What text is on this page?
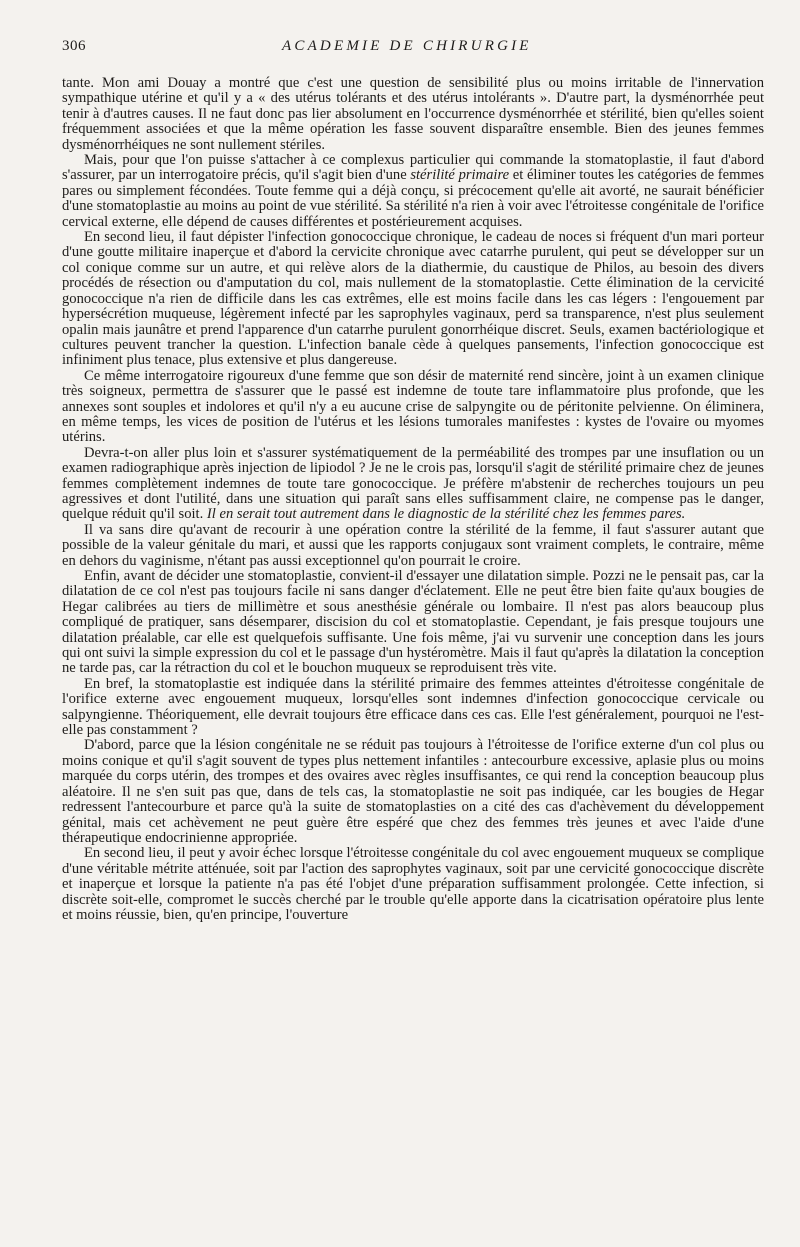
306	ACADEMIE DE CHIRURGIE

tante. Mon ami Douay a montré que c'est une question de sensibilité plus ou moins irritable de l'innervation sympathique utérine et qu'il y a « des utérus tolérants et des utérus intolérants ». D'autre part, la dysménorrhée peut tenir à d'autres causes. Il ne faut donc pas lier absolument en l'occurrence dysménorrhée et stérilité, bien qu'elles soient fréquemment associées et que la même opération les fasse souvent disparaître ensemble. Bien des jeunes femmes dysménorrhéiques ne sont nullement stériles.

Mais, pour que l'on puisse s'attacher à ce complexus particulier qui commande la stomatoplastie, il faut d'abord s'assurer, par un interrogatoire précis, qu'il s'agit bien d'une stérilité primaire et éliminer toutes les catégories de femmes pares ou simplement fécondées. Toute femme qui a déjà conçu, si précocement qu'elle ait avorté, ne saurait bénéficier d'une stomatoplastie au moins au point de vue stérilité. Sa stérilité n'a rien à voir avec l'étroitesse congénitale de l'orifice cervical externe, elle dépend de causes différentes et postérieurement acquises.

En second lieu, il faut dépister l'infection gonococcique chronique, le cadeau de noces si fréquent d'un mari porteur d'une goutte militaire inaperçue et d'abord la cervicite chronique avec catarrhe purulent, qui peut se développer sur un col conique comme sur un autre, et qui relève alors de la diathermie, du caustique de Philos, au besoin des divers procédés de résection ou d'amputation du col, mais nullement de la stomatoplastie. Cette élimination de la cervicité gonococcique n'a rien de difficile dans les cas extrêmes, elle est moins facile dans les cas légers : l'engouement par hypersécrétion muqueuse, légèrement infecté par les saprophyles vaginaux, perd sa transparence, n'est plus seulement opalin mais jaunâtre et prend l'apparence d'un catarrhe purulent gonorrhéique discret. Seuls, examen bactériologique et cultures peuvent trancher la question. L'infection banale cède à quelques pansements, l'infection gonococcique est infiniment plus tenace, plus extensive et plus dangereuse.

Ce même interrogatoire rigoureux d'une femme que son désir de maternité rend sincère, joint à un examen clinique très soigneux, permettra de s'assurer que le passé est indemne de toute tare inflammatoire plus profonde, que les annexes sont souples et indolores et qu'il n'y a eu aucune crise de salpyngite ou de péritonite pelvienne. On éliminera, en même temps, les vices de position de l'utérus et les lésions tumorales manifestes : kystes de l'ovaire ou myomes utérins.

Devra-t-on aller plus loin et s'assurer systématiquement de la perméabilité des trompes par une insuflation ou un examen radiographique après injection de lipiodol ? Je ne le crois pas, lorsqu'il s'agit de stérilité primaire chez de jeunes femmes complètement indemnes de toute tare gonococcique. Je préfère m'abstenir de recherches toujours un peu agressives et dont l'utilité, dans une situation qui paraît sans elles suffisamment claire, ne compense pas le danger, quelque réduit qu'il soit. Il en serait tout autrement dans le diagnostic de la stérilité chez les femmes pares.

Il va sans dire qu'avant de recourir à une opération contre la stérilité de la femme, il faut s'assurer autant que possible de la valeur génitale du mari, et aussi que les rapports conjugaux sont vraiment complets, le contraire, même en dehors du vaginisme, n'étant pas aussi exceptionnel qu'on pourrait le croire.

Enfin, avant de décider une stomatoplastie, convient-il d'essayer une dilatation simple. Pozzi ne le pensait pas, car la dilatation de ce col n'est pas toujours facile ni sans danger d'éclatement. Elle ne peut être bien faite qu'aux bougies de Hegar calibrées au tiers de millimètre et sous anesthésie générale ou lombaire. Il n'est pas alors beaucoup plus compliqué de pratiquer, sans désemparer, discision du col et stomatoplastie. Cependant, je fais presque toujours une dilatation préalable, car elle est quelquefois suffisante. Une fois même, j'ai vu survenir une conception dans les jours qui ont suivi la simple expression du col et le passage d'un hystéromètre. Mais il faut qu'après la dilatation la conception ne tarde pas, car la rétraction du col et le bouchon muqueux se reproduisent très vite.

En bref, la stomatoplastie est indiquée dans la stérilité primaire des femmes atteintes d'étroitesse congénitale de l'orifice externe avec engouement muqueux, lorsqu'elles sont indemnes d'infection gonococcique cervicale ou salpyngienne. Théoriquement, elle devrait toujours être efficace dans ces cas. Elle l'est généralement, pourquoi ne l'est-elle pas constamment ?

D'abord, parce que la lésion congénitale ne se réduit pas toujours à l'étroitesse de l'orifice externe d'un col plus ou moins conique et qu'il s'agit souvent de types plus nettement infantiles : antecourbure excessive, aplasie plus ou moins marquée du corps utérin, des trompes et des ovaires avec règles insuffisantes, ce qui rend la conception beaucoup plus aléatoire. Il ne s'en suit pas que, dans de tels cas, la stomatoplastie ne soit pas indiquée, car les bougies de Hegar redressent l'antecourbure et parce qu'à la suite de stomatoplasties on a cité des cas d'achèvement du développement génital, mais cet achèvement ne peut guère être espéré que chez des femmes très jeunes et avec l'aide d'une thérapeutique endocrinienne appropriée.

En second lieu, il peut y avoir échec lorsque l'étroitesse congénitale du col avec engouement muqueux se complique d'une véritable métrite atténuée, soit par l'action des saprophytes vaginaux, soit par une cervicité gonococcique discrète et inaperçue et lorsque la patiente n'a pas été l'objet d'une préparation suffisamment prolongée. Cette infection, si discrète soit-elle, compromet le succès cherché par le trouble qu'elle apporte dans la cicatrisation opératoire plus lente et moins réussie, bien, qu'en principe, l'ouverture
